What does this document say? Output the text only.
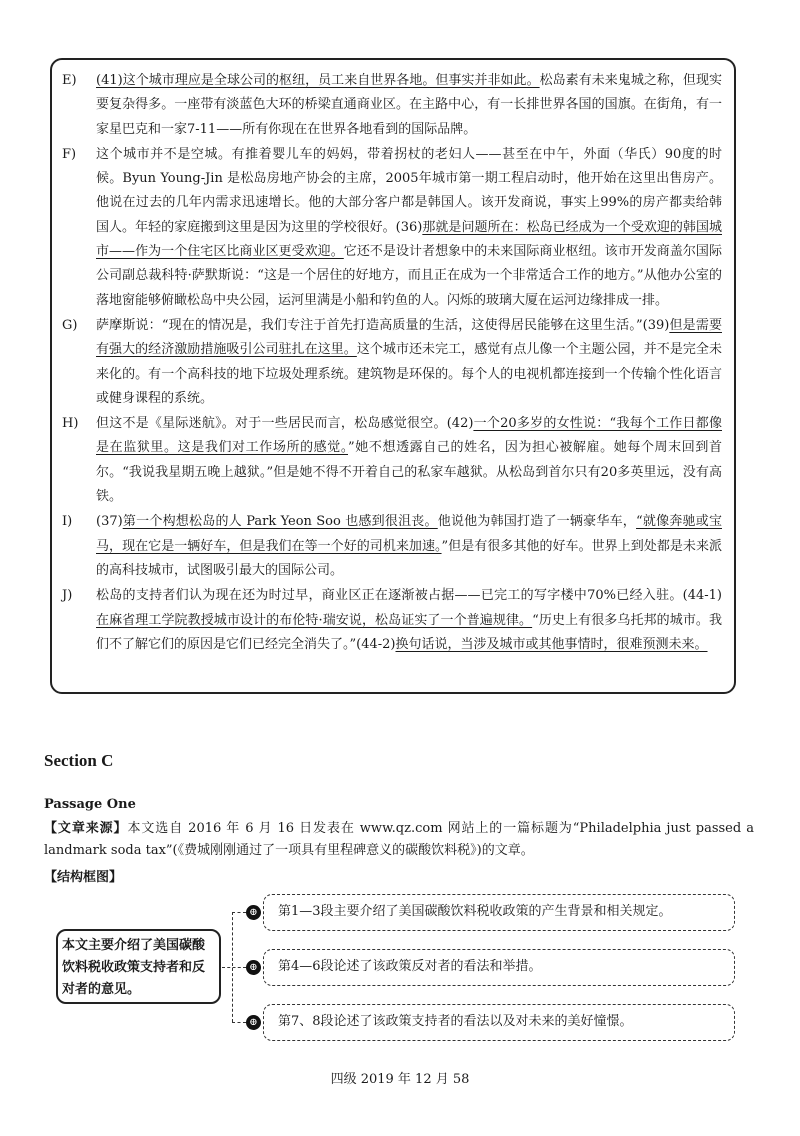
E)	(41)这个城市理应是全球公司的枢纽，员工来自世界各地。但事实并非如此。松岛素有未来鬼城之称，但现实要复杂得多。一座带有淡蓝色大环的桥梁直通商业区。在主路中心，有一长排世界各国的国旗。在街角，有一家星巴克和一家7-11——所有你现在在世界各地看到的国际品牌。
F)	这个城市并不是空城。有推着婴儿车的妈妈，带着拐杖的老妇人——甚至在中午，外面（华氏）90度的时候。Byun Young-Jin 是松岛房地产协会的主席，2005年城市第一期工程启动时，他开始在这里出售房产。他说在过去的几年内需求迅速增长。他的大部分客户都是韩国人。该开发商说，事实上99%的房产都卖给韩国人。年轻的家庭搬到这里是因为这里的学校很好。(36)那就是问题所在：松岛已经成为一个受欢迎的韩国城市——作为一个住宅区比商业区更受欢迎。它还不是设计者想象中的未来国际商业枢纽。该市开发商盖尔国际公司副总裁科特·萨默斯说：“这是一个居住的好地方，而且正在成为一个非常适合工作的地方。”从他办公室的落地窗能够俯瞰松岛中央公园，运河里满是小船和钓鱼的人。闪烁的玻璃大厦在运河边缘排成一排。
G)	萨摩斯说：“现在的情况是，我们专注于首先打造高质量的生活，这使得居民能够在这里生活。”(39)但是需要有强大的经济激励措施吸引公司驻扎在这里。这个城市还未完工，感觉有点儿像一个主题公园，并不是完全未来化的。有一个高科技的地下垃圾处理系统。建筑物是环保的。每个人的电视机都连接到一个传输个性化语言或健身课程的系统。
H)	但这不是《星际迷航》。对于一些居民而言，松岛感觉很空。(42)一个20多岁的女性说：“我每个工作日都像是在监狱里。这是我们对工作场所的感觉。”她不想透露自己的姓名，因为担心被解雇。她每个周末回到首尔。“我说我星期五晚上越狱。”但是她不得不开着自己的私家车越狱。从松岛到首尔只有20多英里远，没有高铁。
I)	(37)第一个构想松岛的人 Park Yeon Soo 也感到很沮丧。他说他为韩国打造了一辆豪华车，“就像奔驰或宝马，现在它是一辆好车，但是我们在等一个好的司机来加速。”但是有很多其他的好车。世界上到处都是未来派的高科技城市，试图吸引最大的国际公司。
J)	松岛的支持者们认为现在还为时过早，商业区正在逐渐被占据——已完工的写字楼中70%已经入驻。(44-1)在麻省理工学院教授城市设计的布伦特·瑞安说，松岛证实了一个普遍规律。“历史上有很多乌托邦的城市。我们不了解它们的原因是它们已经完全消失了。”(44-2)换句话说，当涉及城市或其他事情时，很难预测未来。
Section C
Passage One
【文章来源】本文选自 2016 年 6 月 16 日发表在 www.qz.com 网站上的一篇标题为“Philadelphia just passed a landmark soda tax”(《费城刚刚通过了一项具有里程碑意义的碳酸饮料税》)的文章。
【结构框图】
本文主要介绍了美国碳酸饮料税收政策支持者和反对者的意见。
⊕
⊕
⊕
第1—3段主要介绍了美国碳酸饮料税收政策的产生背景和相关规定。
第4—6段论述了该政策反对者的看法和举措。
第7、8段论述了该政策支持者的看法以及对未来的美好憧憬。
四级 2019 年 12 月 58
